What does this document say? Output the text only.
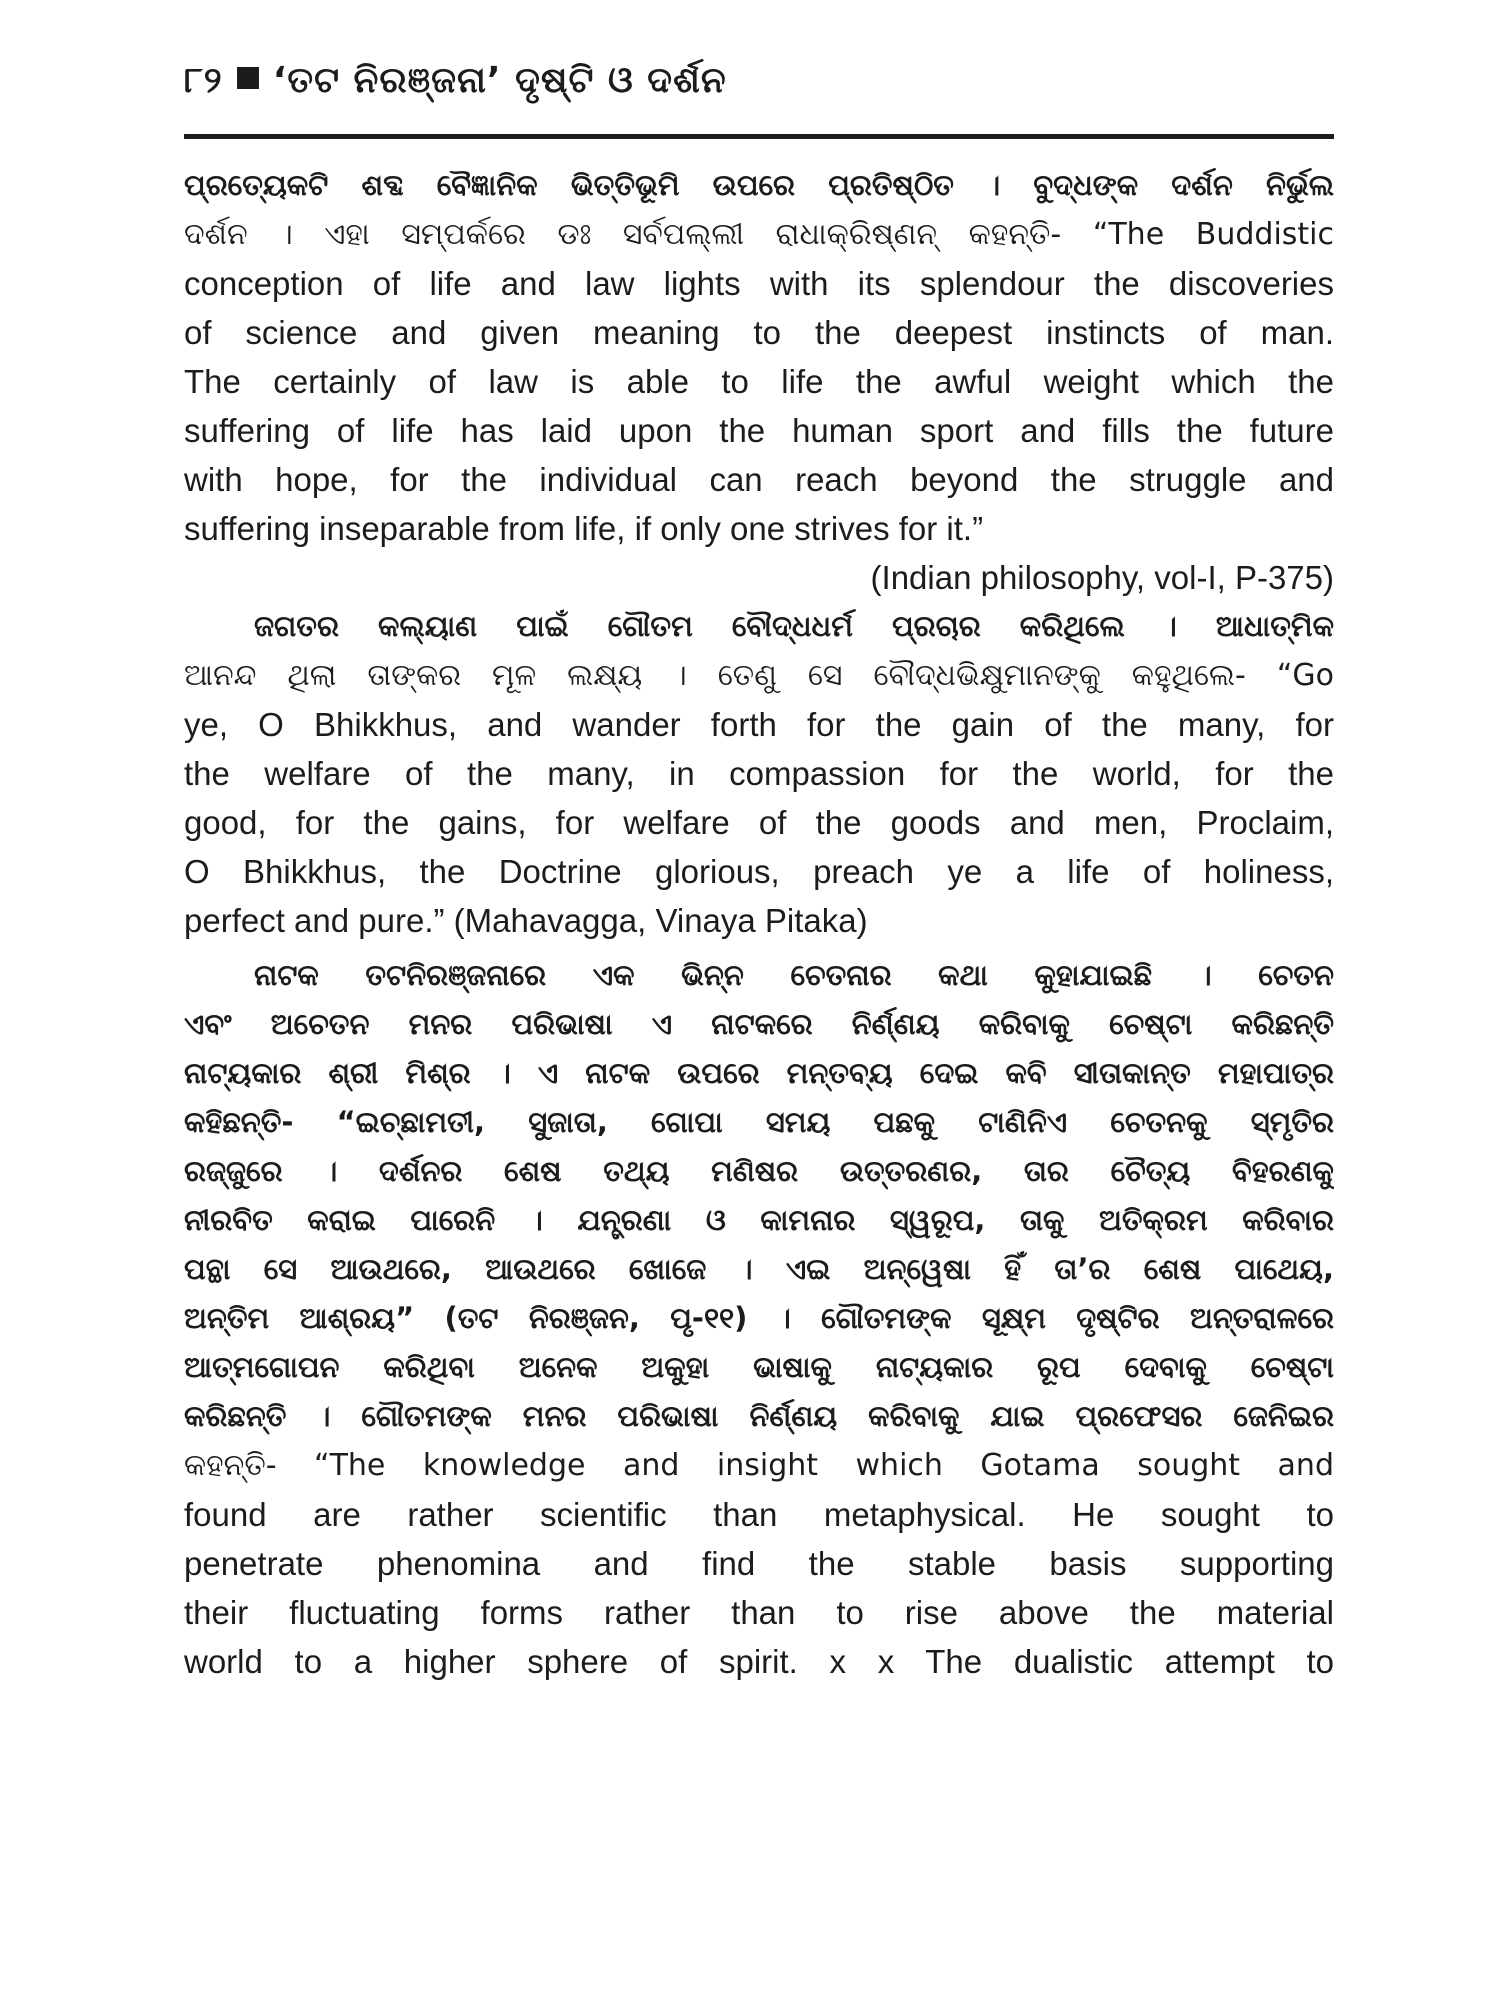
୮୨ ‘ତଟ ନିରଞ୍ଜନା’ ଦୃଷ୍ଟି ଓ ଦର୍ଶନ
ପ୍ରତ୍ୟେକଟି ଶବ୍ଦ ବୈଜ୍ଞାନିକ ଭିତ୍ତିଭୂମି ଉପରେ ପ୍ରତିଷ୍ଠିତ । ବୁଦ୍ଧଙ୍କ ଦର୍ଶନ ନିର୍ଭୁଲ
ଦର୍ଶନ । ଏହା ସମ୍ପର୍କରେ ଡଃ ସର୍ବପଲ୍ଲୀ ରାଧାକ୍ରିଷ୍ଣନ୍ କହନ୍ତି- “The Buddistic
conception of life and law lights with its splendour the discoveries
of science and given meaning to the deepest instincts of man.
The certainly of law is able to life the awful weight which the
suffering of life has laid upon the human sport and fills the future
with hope, for the individual can reach beyond the struggle and
suffering inseparable from life, if only one strives for it.”
(Indian philosophy, vol-I, P-375)
ଜଗତର କଲ୍ୟାଣ ପାଇଁ ଗୌତମ ବୌଦ୍ଧଧର୍ମ ପ୍ରଚାର କରିଥିଲେ । ଆଧାତ୍ମିକ
ଆନନ୍ଦ ଥିଲା ତାଙ୍କର ମୂଳ ଲକ୍ଷ୍ୟ । ତେଣୁ ସେ ବୌଦ୍ଧଭିକ୍ଷୁମାନଙ୍କୁ କହୁଥିଲେ- “Go
ye, O Bhikkhus, and wander forth for the gain of the many, for
the welfare of the many, in compassion for the world, for the
good, for the gains, for welfare of the goods and men, Proclaim,
O Bhikkhus, the Doctrine glorious, preach ye a life of holiness,
perfect and pure.” (Mahavagga, Vinaya Pitaka)
ନାଟକ ତଟନିରଞ୍ଜନାରେ ଏକ ଭିନ୍ନ ଚେତନାର କଥା କୁହାଯାଇଛି । ଚେତନ
ଏବଂ ଅଚେତନ ମନର ପରିଭାଷା ଏ ନାଟକରେ ନିର୍ଣ୍ଣୟ କରିବାକୁ ଚେଷ୍ଟା କରିଛନ୍ତି
ନାଟ୍ୟକାର ଶ୍ରୀ ମିଶ୍ର । ଏ ନାଟକ ଉପରେ ମନ୍ତବ୍ୟ ଦେଇ କବି ସୀତାକାନ୍ତ ମହାପାତ୍ର
କହିଛନ୍ତି- “ଇଚ୍ଛାମତୀ, ସୁଜାତା, ଗୋପା ସମୟ ପଛକୁ ଟାଣିନିଏ ଚେତନକୁ ସ୍ମୃତିର
ରଜ୍ଜୁରେ । ଦର୍ଶନର ଶେଷ ତଥ୍ୟ ମଣିଷର ଉତ୍ତରଣର, ତାର ଚୈତ୍ୟ ବିହରଣକୁ
ନୀରବିତ କରାଇ ପାରେନି । ଯନ୍ତ୍ରଣା ଓ କାମନାର ସ୍ୱରୂପ, ତାକୁ ଅତିକ୍ରମ କରିବାର
ପନ୍ଥା ସେ ଆଉଥରେ, ଆଉଥରେ ଖୋଜେ । ଏଇ ଅନ୍ୱେଷା ହିଁ ତା’ର ଶେଷ ପାଥେୟ,
ଅନ୍ତିମ ଆଶ୍ରୟ” (ତଟ ନିରଞ୍ଜନ, ପୃ-୧୧) । ଗୌତମଙ୍କ ସୂକ୍ଷ୍ମ ଦୃଷ୍ଟିର ଅନ୍ତରାଳରେ
ଆତ୍ମଗୋପନ କରିଥିବା ଅନେକ ଅକୁହା ଭାଷାକୁ ନାଟ୍ୟକାର ରୂପ ଦେବାକୁ ଚେଷ୍ଟା
କରିଛନ୍ତି । ଗୌତମଙ୍କ ମନର ପରିଭାଷା ନିର୍ଣ୍ଣୟ କରିବାକୁ ଯାଇ ପ୍ରଫେସର ଜେନିଇର
କହନ୍ତି- “The knowledge and insight which Gotama sought and
found are rather scientific than metaphysical. He sought to
penetrate phenomina and find the stable basis supporting
their fluctuating forms rather than to rise above the material
world to a higher sphere of spirit. x x The dualistic attempt to
